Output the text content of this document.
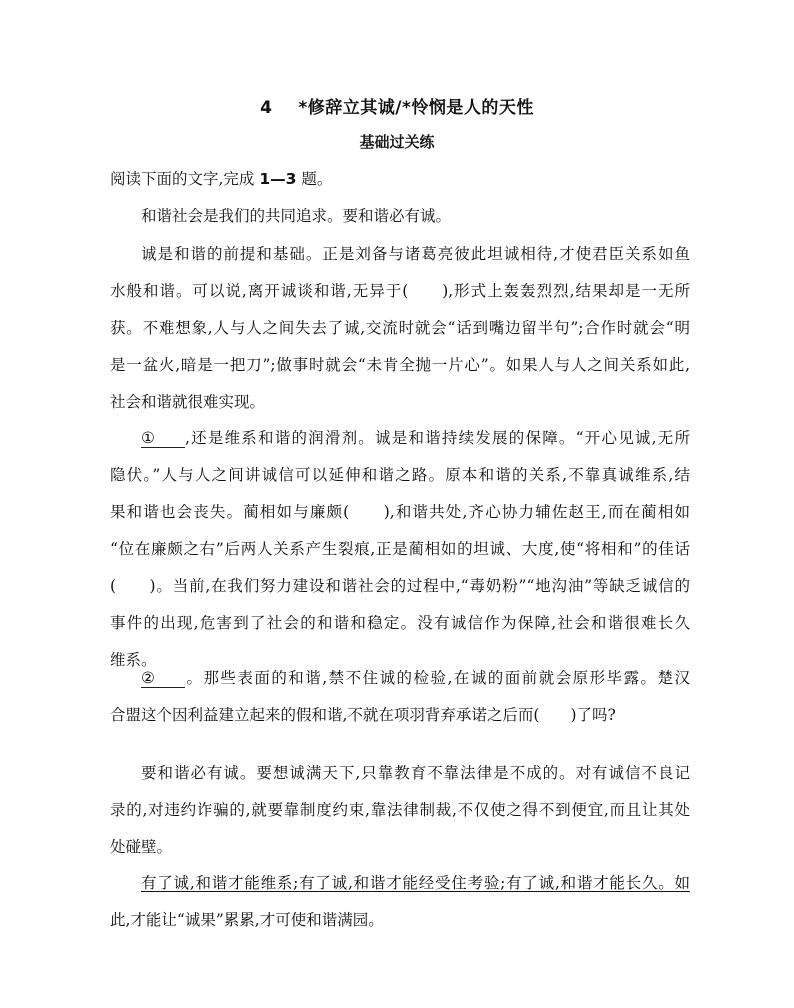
4 *修辞立其诚/*怜悯是人的天性
基础过关练
阅读下面的文字,完成 1—3 题。
和谐社会是我们的共同追求。要和谐必有诚。
诚是和谐的前提和基础。正是刘备与诸葛亮彼此坦诚相待,才使君臣关系如鱼
水般和谐。可以说,离开诚谈和谐,无异于(　　),形式上轰轰烈烈,结果却是一无所
获。不难想象,人与人之间失去了诚,交流时就会“话到嘴边留半句”;合作时就会“明
是一盆火,暗是一把刀”;做事时就会“未肯全抛一片心”。如果人与人之间关系如此,
社会和谐就很难实现。
① ,还是维系和谐的润滑剂。诚是和谐持续发展的保障。“开心见诚,无所
隐伏。”人与人之间讲诚信可以延伸和谐之路。原本和谐的关系,不靠真诚维系,结
果和谐也会丧失。蔺相如与廉颇(　　),和谐共处,齐心协力辅佐赵王,而在蔺相如
“位在廉颇之右”后两人关系产生裂痕,正是蔺相如的坦诚、大度,使“将相和”的佳话
(　　)。当前,在我们努力建设和谐社会的过程中,“毒奶粉”“地沟油”等缺乏诚信的
事件的出现,危害到了社会的和谐和稳定。没有诚信作为保障,社会和谐很难长久
维系。
② 。那些表面的和谐,禁不住诚的检验,在诚的面前就会原形毕露。楚汉
合盟这个因利益建立起来的假和谐,不就在项羽背弃承诺之后而(　　)了吗?
要和谐必有诚。要想诚满天下,只靠教育不靠法律是不成的。对有诚信不良记
录的,对违约诈骗的,就要靠制度约束,靠法律制裁,不仅使之得不到便宜,而且让其处
处碰壁。
有了诚,和谐才能维系;有了诚,和谐才能经受住考验;有了诚,和谐才能长久。如
此,才能让“诚果”累累,才可使和谐满园。
